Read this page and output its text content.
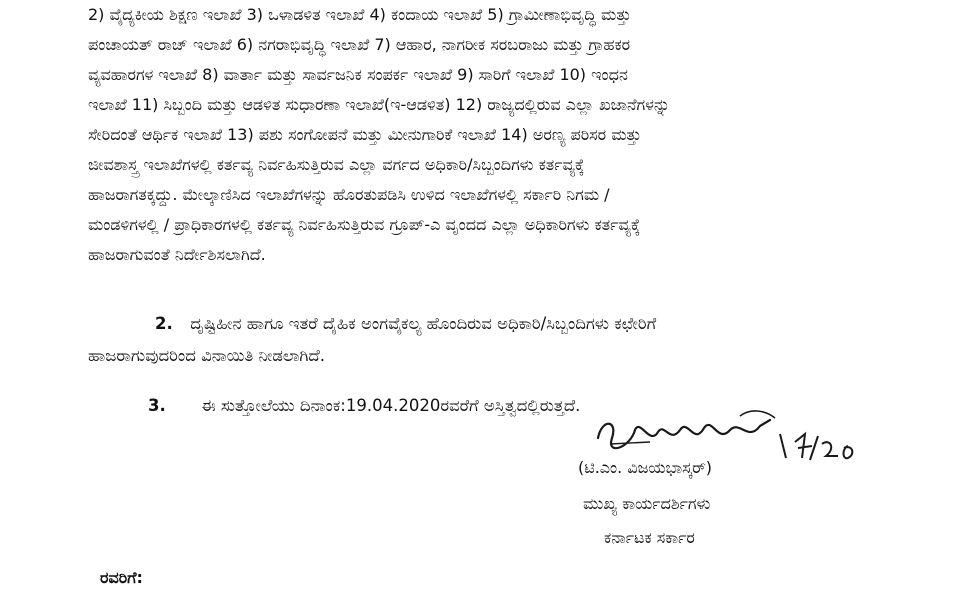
2) ವೈದ್ಯಕೀಯ ಶಿಕ್ಷಣ ಇಲಾಖೆ 3) ಒಳಾಡಳಿತ ಇಲಾಖೆ 4) ಕಂದಾಯ ಇಲಾಖೆ 5) ಗ್ರಾಮೀಣಾಭಿವೃದ್ಧಿ ಮತ್ತು
ಪಂಚಾಯತ್ ರಾಜ್ ಇಲಾಖೆ 6) ನಗರಾಭಿವೃದ್ಧಿ ಇಲಾಖೆ 7) ಆಹಾರ, ನಾಗರೀಕ ಸರಬರಾಜು ಮತ್ತು ಗ್ರಾಹಕರ
ವ್ಯವಹಾರಗಳ ಇಲಾಖೆ 8) ವಾರ್ತಾ ಮತ್ತು ಸಾರ್ವಜನಿಕ ಸಂಪರ್ಕ ಇಲಾಖೆ 9) ಸಾರಿಗೆ ಇಲಾಖೆ 10) ಇಂಧನ
ಇಲಾಖೆ 11) ಸಿಬ್ಬಂದಿ ಮತ್ತು ಆಡಳಿತ ಸುಧಾರಣಾ ಇಲಾಖೆ(ಇ-ಆಡಳಿತ) 12) ರಾಜ್ಯದಲ್ಲಿರುವ ಎಲ್ಲಾ ಖಜಾನೆಗಳನ್ನು
ಸೇರಿದಂತೆ ಆರ್ಥಿಕ ಇಲಾಖೆ 13) ಪಶು ಸಂಗೋಪನೆ ಮತ್ತು ಮೀನುಗಾರಿಕೆ ಇಲಾಖೆ 14) ಅರಣ್ಯ ಪರಿಸರ ಮತ್ತು
ಜೀವಶಾಸ್ತ್ರ ಇಲಾಖೆಗಳಲ್ಲಿ ಕರ್ತವ್ಯ ನಿರ್ವಹಿಸುತ್ತಿರುವ ಎಲ್ಲಾ ವರ್ಗದ ಅಧಿಕಾರಿ/ಸಿಬ್ಬಂದಿಗಳು ಕರ್ತವ್ಯಕ್ಕೆ
ಹಾಜರಾಗತಕ್ಕದ್ದು. ಮೇಲ್ಕಾಣಿಸಿದ ಇಲಾಖೆಗಳನ್ನು ಹೊರತುಪಡಿಸಿ ಉಳಿದ ಇಲಾಖೆಗಳಲ್ಲಿ ಸರ್ಕಾರಿ ನಿಗಮ /
ಮಂಡಳಿಗಳಲ್ಲಿ / ಪ್ರಾಧಿಕಾರಗಳಲ್ಲಿ ಕರ್ತವ್ಯ ನಿರ್ವಹಿಸುತ್ತಿರುವ ಗ್ರೂಪ್-ಎ ವೃಂದದ ಎಲ್ಲಾ ಅಧಿಕಾರಿಗಳು ಕರ್ತವ್ಯಕ್ಕೆ
ಹಾಜರಾಗುವಂತೆ ನಿರ್ದೇಶಿಸಲಾಗಿದೆ.
2. ದೃಷ್ಟಿಹೀನ ಹಾಗೂ ಇತರೆ ದೈಹಿಕ ಅಂಗವೈಕಲ್ಯ ಹೊಂದಿರುವ ಅಧಿಕಾರಿ/ಸಿಬ್ಬಂದಿಗಳು ಕಛೇರಿಗೆ
ಹಾಜರಾಗುವುದರಿಂದ ವಿನಾಯಿತಿ ನೀಡಲಾಗಿದೆ.
3. ಈ ಸುತ್ತೋಲೆಯು ದಿನಾಂಕ:19.04.2020ರವರೆಗೆ ಅಸ್ತಿತ್ವದಲ್ಲಿರುತ್ತದೆ.
(ಟಿ.ಎಂ. ವಿಜಯಭಾಸ್ಕರ್)
ಮುಖ್ಯ ಕಾರ್ಯದರ್ಶಿಗಳು
ಕರ್ನಾಟಕ ಸರ್ಕಾರ
ರವರಿಗೆ:
